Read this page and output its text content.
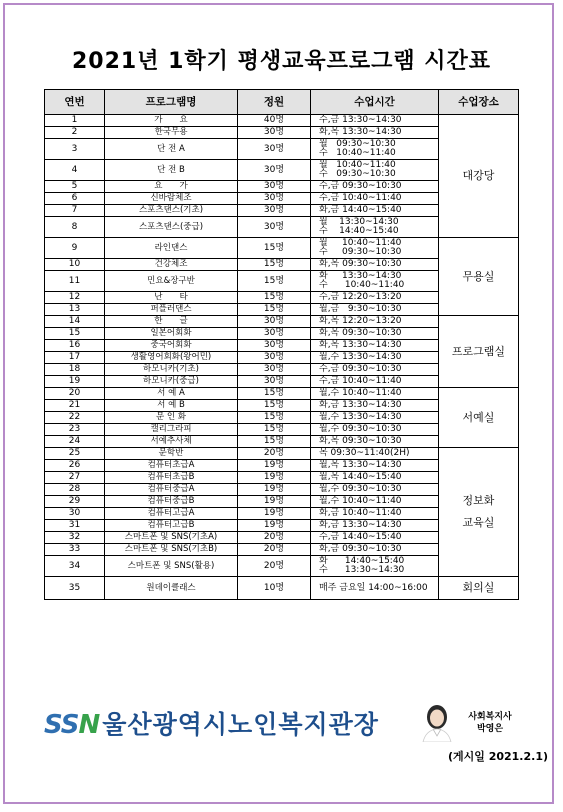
2021년 1학기 평생교육프로그램 시간표
연번	프로그램명	정원	수업시간	수업장소
1	가　　요	40명	수,금 13:30~14:30	대강당
2	한국무용	30명	화,목 13:30~14:30	
3	단 전 A	30명	월   09:30~10:30
수   10:40~11:40	
4	단 전 B	30명	월   10:40~11:40
수   09:30~10:30	
5	요　　가	30명	수,금 09:30~10:30	
6	신바람체조	30명	수,금 10:40~11:40	
7	스포츠댄스(기초)	30명	화,금 14:40~15:40	
8	스포츠댄스(중급)	30명	월    13:30~14:30
수    14:40~15:40	
9	라인댄스	15명	월     10:40~11:40
수     09:30~10:30	무용실
10	건강체조	15명	화,목 09:30~10:30	
11	민요&장구반	15명	화     13:30~14:30
수      10:40~11:40	
12	난　　타	15명	수,금 12:20~13:20	
13	퍼플러댄스	15명	월,금   9:30~10:30	
14	한　　글	30명	화,목 12:20~13:20	프로그램실
15	일본어회화	30명	화,목 09:30~10:30	
16	중국어회화	30명	화,목 13:30~14:30	
17	생활영어회화(왕어민)	30명	월,수 13:30~14:30	
18	하모니카(기초)	30명	수,금 09:30~10:30	
19	하모니카(중급)	30명	수,금 10:40~11:40	
20	서 예 A	15명	월,수 10:40~11:40	서예실
21	서 예 B	15명	화,금 13:30~14:30	
22	문 인 화	15명	월,수 13:30~14:30	
23	캘리그라피	15명	월,수 09:30~10:30	
24	서예추사체	15명	화,목 09:30~10:30	
25	문학반	20명	목 09:30~11:40(2H)	정보화
교육실
26	컴퓨터초급A	19명	월,목 13:30~14:30	
27	컴퓨터초급B	19명	월,목 14:40~15:40	
28	컴퓨터중급A	19명	월,수 09:30~10:30	
29	컴퓨터중급B	19명	월,수 10:40~11:40	
30	컴퓨터고급A	19명	화,금 10:40~11:40	
31	컴퓨터고급B	19명	화,금 13:30~14:30	
32	스마트폰 및 SNS(기초A)	20명	수,금 14:40~15:40	
33	스마트폰 및 SNS(기초B)	20명	화,금 09:30~10:30	
34	스마트폰 및 SNS(활용)	20명	화      14:40~15:40
수      13:30~14:30	
35	원데이클래스	10명	매주 금요일 14:00~16:00	회의실
SSN 울산광역시노인복지관장	사회복지사
박영은
(게시일 2021.2.1)
